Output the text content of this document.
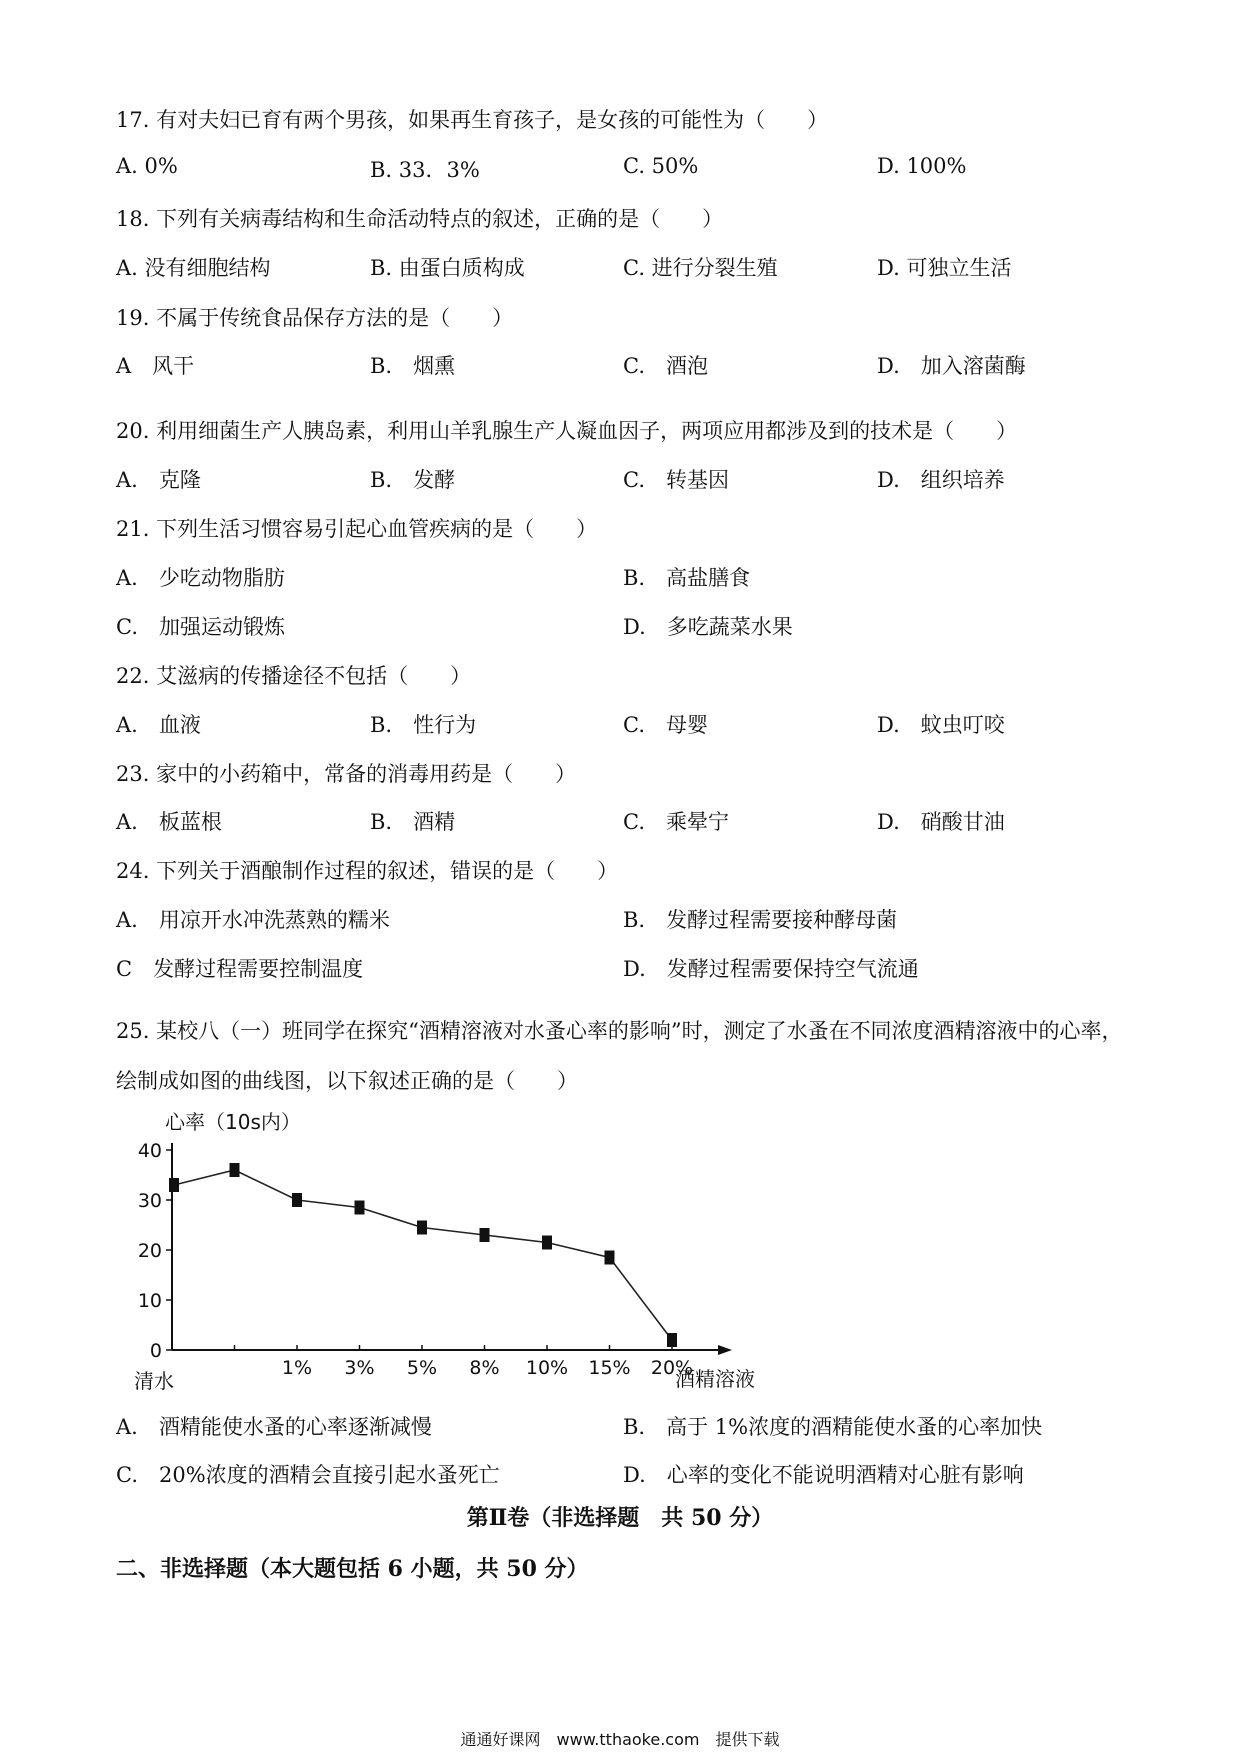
17. 有对夫妇已育有两个男孩，如果再生育孩子，是女孩的可能性为（　　）
A. 0%	B. 33．3%	C. 50%	D. 100%
18. 下列有关病毒结构和生命活动特点的叙述，正确的是（　　）
A. 没有细胞结构	B. 由蛋白质构成	C. 进行分裂生殖	D. 可独立生活
19. 不属于传统食品保存方法的是（　　）
A　风干	B.　烟熏	C.　酒泡	D.　加入溶菌酶
20. 利用细菌生产人胰岛素，利用山羊乳腺生产人凝血因子，两项应用都涉及到的技术是（　　）
A.　克隆	B.　发酵	C.　转基因	D.　组织培养
21. 下列生活习惯容易引起心血管疾病的是（　　）
A.　少吃动物脂肪	B.　高盐膳食
C.　加强运动锻炼	D.　多吃蔬菜水果
22. 艾滋病的传播途径不包括（　　）
A.　血液	B.　性行为	C.　母婴	D.　蚊虫叮咬
23. 家中的小药箱中，常备的消毒用药是（　　）
A.　板蓝根	B.　酒精	C.　乘晕宁	D.　硝酸甘油
24. 下列关于酒酿制作过程的叙述，错误的是（　　）
A.　用凉开水冲洗蒸熟的糯米	B.　发酵过程需要接种酵母菌
C　发酵过程需要控制温度	D.　发酵过程需要保持空气流通
25. 某校八（一）班同学在探究“酒精溶液对水蚤心率的影响”时，测定了水蚤在不同浓度酒精溶液中的心率，绘制成如图的曲线图，以下叙述正确的是（　　）
0
10
20
30
40
1% 3% 5% 8% 10% 15% 20%
心率（10s内）
酒精溶液
清水
A.　酒精能使水蚤的心率逐渐减慢	B.　高于 1%浓度的酒精能使水蚤的心率加快
C.　20%浓度的酒精会直接引起水蚤死亡	D.　心率的变化不能说明酒精对心脏有影响
第Ⅱ卷（非选择题　共 50 分）
二、非选择题（本大题包括 6 小题，共 50 分）
通通好课网　www.tthaoke.com　提供下载
